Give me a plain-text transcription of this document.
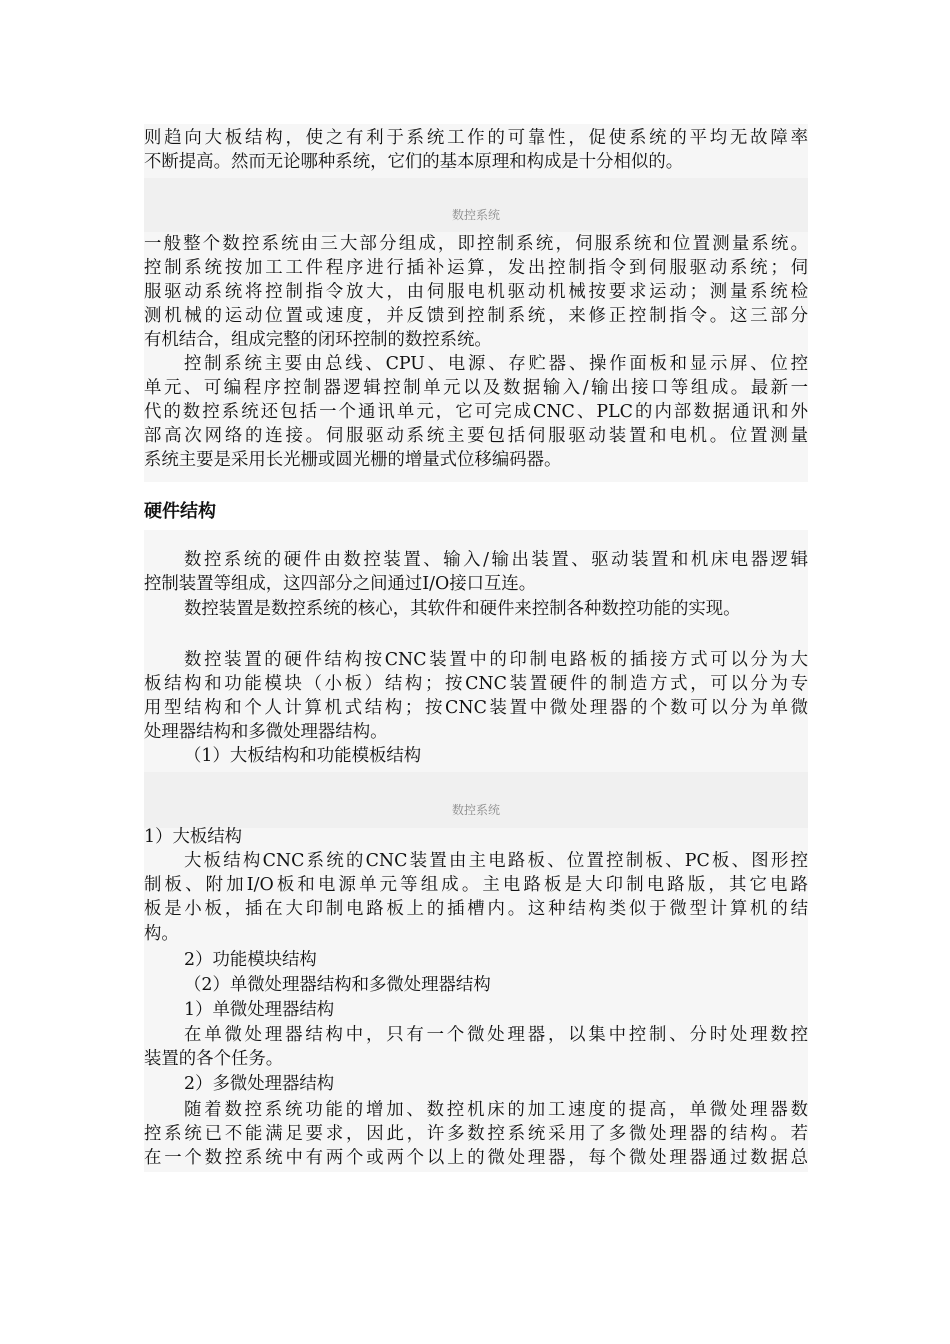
则趋向大板结构，使之有利于系统工作的可靠性，促使系统的平均无故障率
不断提高。然而无论哪种系统，它们的基本原理和构成是十分相似的。
数控系统
一般整个数控系统由三大部分组成，即控制系统，伺服系统和位置测量系统。
控制系统按加工工件程序进行插补运算，发出控制指令到伺服驱动系统；伺
服驱动系统将控制指令放大，由伺服电机驱动机械按要求运动；测量系统检
测机械的运动位置或速度，并反馈到控制系统，来修正控制指令。这三部分
有机结合，组成完整的闭环控制的数控系统。
控制系统主要由总线、CPU、电源、存贮器、操作面板和显示屏、位控
单元、可编程序控制器逻辑控制单元以及数据输入/输出接口等组成。最新一
代的数控系统还包括一个通讯单元，它可完成CNC、PLC的内部数据通讯和外
部高次网络的连接。伺服驱动系统主要包括伺服驱动装置和电机。位置测量
系统主要是采用长光栅或圆光栅的增量式位移编码器。
硬件结构
数控系统的硬件由数控装置、输入/输出装置、驱动装置和机床电器逻辑
控制装置等组成，这四部分之间通过I/O接口互连。
数控装置是数控系统的核心，其软件和硬件来控制各种数控功能的实现。
数控装置的硬件结构按CNC装置中的印制电路板的插接方式可以分为大
板结构和功能模块（小板）结构；按CNC装置硬件的制造方式，可以分为专
用型结构和个人计算机式结构；按CNC装置中微处理器的个数可以分为单微
处理器结构和多微处理器结构。
（1）大板结构和功能模板结构
数控系统
1）大板结构
大板结构CNC系统的CNC装置由主电路板、位置控制板、PC板、图形控
制板、附加I/O板和电源单元等组成。主电路板是大印制电路版，其它电路
板是小板，插在大印制电路板上的插槽内。这种结构类似于微型计算机的结
构。
2）功能模块结构
（2）单微处理器结构和多微处理器结构
1）单微处理器结构
在单微处理器结构中，只有一个微处理器，以集中控制、分时处理数控
装置的各个任务。
2）多微处理器结构
随着数控系统功能的增加、数控机床的加工速度的提高，单微处理器数
控系统已不能满足要求，因此，许多数控系统采用了多微处理器的结构。若
在一个数控系统中有两个或两个以上的微处理器，每个微处理器通过数据总
